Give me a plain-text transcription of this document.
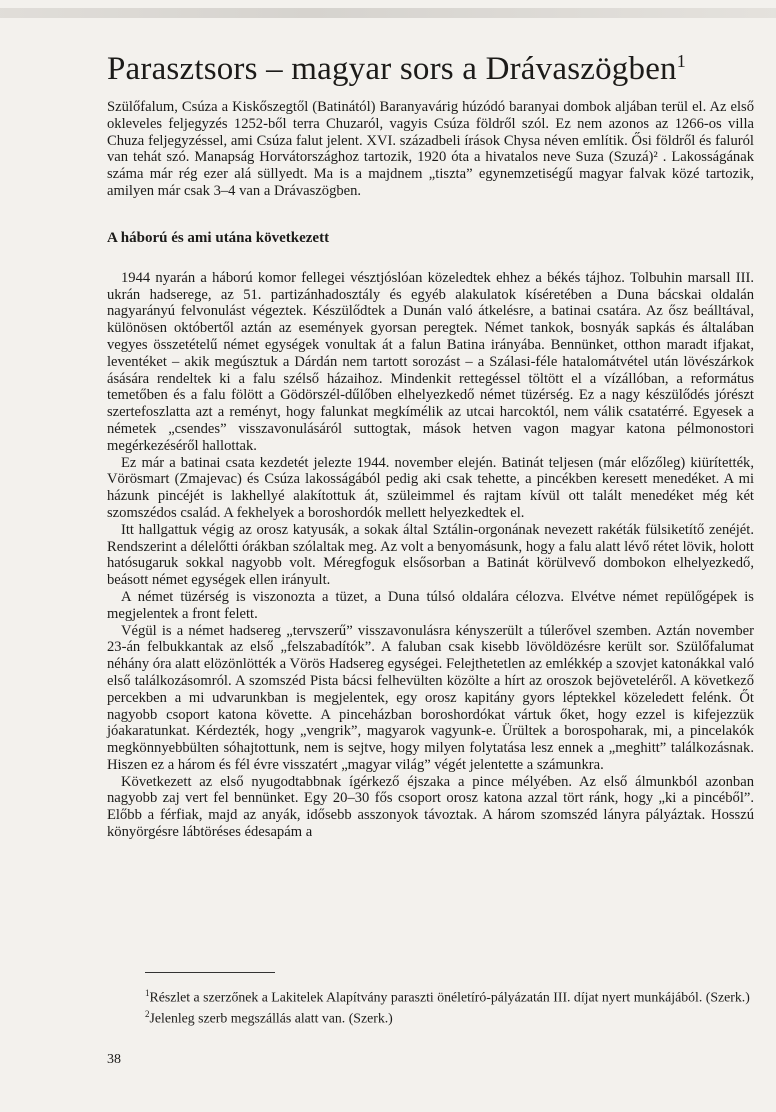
Parasztsors – magyar sors a Drávaszögben$^1$

Szülőfalum, Csúza a Kiskőszegtől (Batinától) Baranyavárig húzódó baranyai dombok aljában terül el. Az első okleveles feljegyzés 1252-ből terra Chuzaról, vagyis Csúza földről szól. Ez nem azonos az 1266-os villa Chuza feljegyzéssel, ami Csúza falut jelent. XVI. századbeli írások Chysa néven említik. Ősi földről és faluról van tehát szó. Manapság Horvátországhoz tartozik, 1920 óta a hivatalos neve Suza (Szuzá)² . Lakosságának száma már rég ezer alá süllyedt. Ma is a majdnem „tiszta” egynemzetiségű magyar falvak közé tartozik, amilyen már csak 3–4 van a Drávaszögben.

A háború és ami utána következett

1944 nyarán a háború komor fellegei vésztjóslóan közeledtek ehhez a békés tájhoz. Tolbuhin marsall III. ukrán hadserege, az 51. partizánhadosztály és egyéb alakulatok kíséretében a Duna bácskai oldalán nagyarányú felvonulást végeztek. Készülődtek a Dunán való átkelésre, a batinai csatára. Az ősz beálltával, különösen októbertől aztán az események gyorsan peregtek. Német tankok, bosnyák sapkás és általában vegyes összetételű német egységek vonultak át a falun Batina irányába. Bennünket, otthon maradt ifjakat, leventéket – akik megúsztuk a Dárdán nem tartott sorozást – a Szálasi-féle hatalomátvétel után lövészárkok ásására rendeltek ki a falu szélső házaihoz. Mindenkit rettegéssel töltött el a vízállóban, a református temetőben és a falu fölött a Gödörszél-dűlőben elhelyezkedő német tüzérség. Ez a nagy készülődés jórészt szertefoszlatta azt a reményt, hogy falunkat megkímélik az utcai harcoktól, nem válik csatatérré. Egyesek a németek „csendes” visszavonulásáról suttogtak, mások hetven vagon magyar katona pélmonostori megérkezéséről hallottak.

Ez már a batinai csata kezdetét jelezte 1944. november elején. Batinát teljesen (már előzőleg) kiürítették, Vörösmart (Zmajevac) és Csúza lakosságából pedig aki csak tehette, a pincékben keresett menedéket. A mi házunk pincéjét is lakhellyé alakítottuk át, szüleimmel és rajtam kívül ott talált menedéket még két szomszédos család. A fekhelyek a boroshordók mellett helyezkedtek el.

Itt hallgattuk végig az orosz katyusák, a sokak által Sztálin-orgonának nevezett rakéták fülsiketítő zenéjét. Rendszerint a délelőtti órákban szólaltak meg. Az volt a benyomásunk, hogy a falu alatt lévő rétet lövik, holott hatósugaruk sokkal nagyobb volt. Méregfoguk elsősorban a Batinát körülvevő dombokon elhelyezkedő, beásott német egységek ellen irányult.

A német tüzérség is viszonozta a tüzet, a Duna túlsó oldalára célozva. Elvétve német repülőgépek is megjelentek a front felett.

Végül is a német hadsereg „tervszerű” visszavonulásra kényszerült a túlerővel szemben. Aztán november 23-án felbukkantak az első „felszabadítók”. A faluban csak kisebb lövöldözésre került sor. Szülőfalumat néhány óra alatt elözönlötték a Vörös Hadsereg egységei. Felejthetetlen az emlékkép a szovjet katonákkal való első találkozásomról. A szomszéd Pista bácsi felhevülten közölte a hírt az oroszok bejöveteléről. A következő percekben a mi udvarunkban is megjelentek, egy orosz kapitány gyors léptekkel közeledett felénk. Őt nagyobb csoport katona követte. A pinceházban boroshordókat vártuk őket, hogy ezzel is kifejezzük jóakaratunkat. Kérdezték, hogy „vengrik”, magyarok vagyunk-e. Ürültek a borospoharak, mi, a pincelakók megkönnyebbülten sóhajtottunk, nem is sejtve, hogy milyen folytatása lesz ennek a „meghitt” találkozásnak. Hiszen ez a három és fél évre visszatért „magyar világ” végét jelentette a számunkra.

Következett az első nyugodtabbnak ígérkező éjszaka a pince mélyében. Az első álmunkból azonban nagyobb zaj vert fel bennünket. Egy 20–30 fős csoport orosz katona azzal tört ránk, hogy „ki a pincéből”. Előbb a férfiak, majd az anyák, idősebb asszonyok távoztak. A három szomszéd lányra pályáztak. Hosszú könyörgésre lábtöréses édesapám a

$^1$Részlet a szerzőnek a Lakitelek Alapítvány paraszti önéletíró-pályázatán III. díjat nyert munkájából. (Szerk.)
$^2$Jelenleg szerb megszállás alatt van. (Szerk.)
38
